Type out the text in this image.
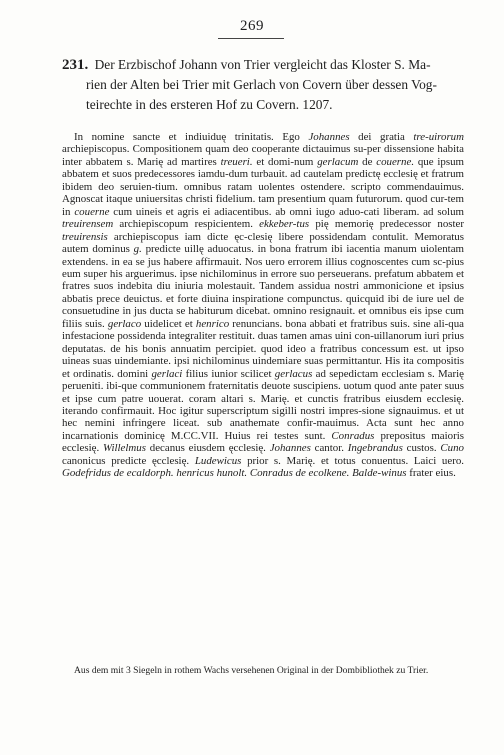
269
231. Der Erzbischof Johann von Trier vergleicht das Kloster S. Ma-
rien der Alten bei Trier mit Gerlach von Covern über dessen Vog-
teirechte in des ersteren Hof zu Covern. 1207.

In nomine sancte et indiuiduę trinitatis. Ego Johannes dei gratia tre-uirorum archiepiscopus. Compositionem quam deo cooperante dictauimus su-per dissensione habita inter abbatem s. Marię ad martires treueri. et domi-num gerlacum de couerne. que ipsum abbatem et suos predecessores iamdu-dum turbauit. ad cautelam predictę ecclesię et fratrum ibidem deo seruien-tium. omnibus ratam uolentes ostendere. scripto commendauimus. Agnoscat itaque uniuersitas christi fidelium. tam presentium quam futurorum. quod cur-tem in couerne cum uineis et agris ei adiacentibus. ab omni iugo aduo-cati liberam. ad solum treuirensem archiepiscopum respicientem. ekkeber-tus pię memorię predecessor noster treuirensis archiepiscopus iam dicte ęc-clesię libere possidendam contulit. Memoratus autem dominus g. predicte uillę aduocatus. in bona fratrum ibi iacentia manum uiolentam extendens. in ea se jus habere affirmauit. Nos uero errorem illius cognoscentes cum sc-pius eum super his arguerimus. ipse nichilominus in errore suo perseuerans. prefatum abbatem et fratres suos indebita diu iniuria molestauit. Tandem assidua nostri ammonicione et ipsius abbatis prece deuictus. et forte diuina inspiratione compunctus. quicquid ibi de iure uel de consuetudine in jus ducta se habiturum dicebat. omnino resignauit. et omnibus eis ipse cum filiis suis. gerlaco uidelicet et henrico renuncians. bona abbati et fratribus suis. sine ali-qua infestacione possidenda integraliter restituit. duas tamen amas uini con-uillanorum iuri prius deputatas. de his bonis annuatim percipiet. quod ideo a fratribus concessum est. ut ipso uineas suas uindemiante. ipsi nichilominus uindemiare suas permittantur. His ita compositis et ordinatis. domini gerlaci filius iunior scilicet gerlacus ad sepedictam ecclesiam s. Marię perueniti. ibi-que communionem fraternitatis deuote suscipiens. uotum quod ante pater suus et ipse cum patre uouerat. coram altari s. Marię. et cunctis fratribus eiusdem ecclesię. iterando confirmauit. Hoc igitur superscriptum sigilli nostri impres-sione signauimus. et ut hec nemini infringere liceat. sub anathemate confir-mauimus. Acta sunt hec anno incarnationis dominicę M.CC.VII. Huius rei testes sunt. Conradus prepositus maioris ecclesię. Willelmus decanus eiusdem ęcclesię. Johannes cantor. Ingebrandus custos. Cuno canonicus predicte ęcclesię. Ludewicus prior s. Marię. et totus conuentus. Laici uero. Godefridus de ecaldorph. henricus hunolt. Conradus de ecolkene. Balde-winus frater eius.

Aus dem mit 3 Siegeln in rothem Wachs versehenen Original in der Dombibliothek zu Trier.
